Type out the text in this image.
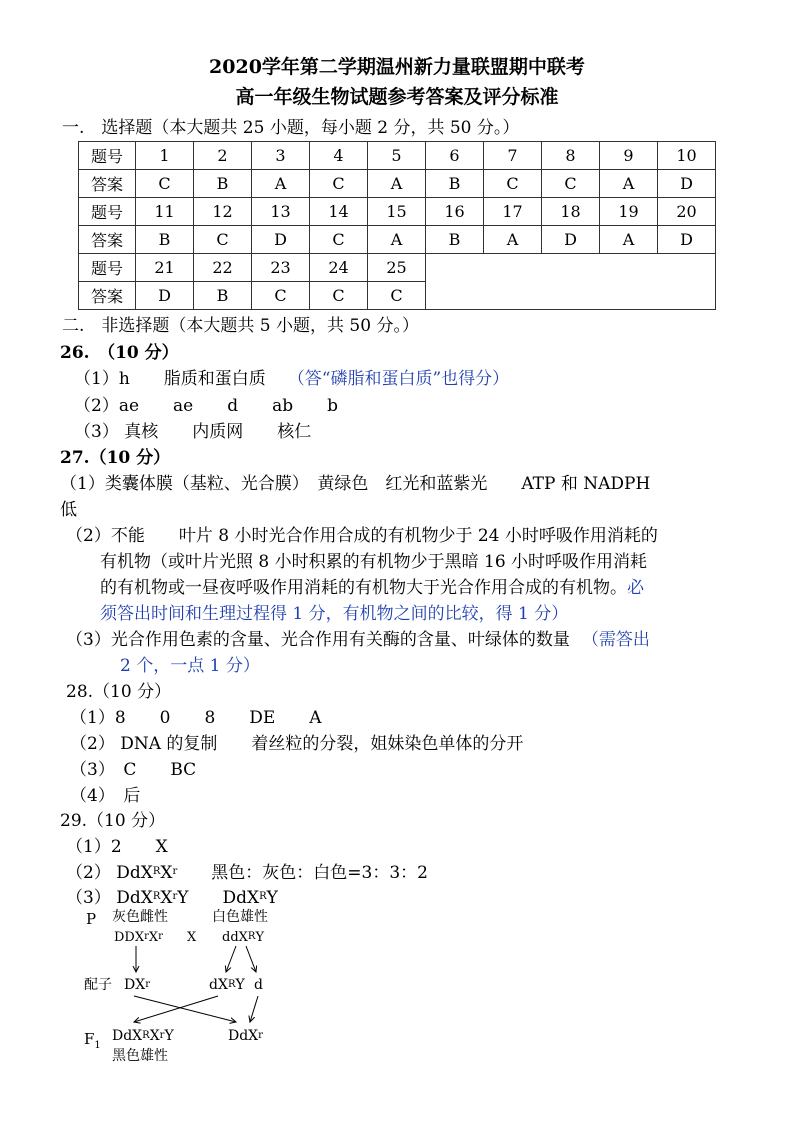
2020学年第二学期温州新力量联盟期中联考
高一年级生物试题参考答案及评分标准
一.　选择题（本大题共 25 小题，每小题 2 分，共 50 分。）
题号	1	2	3	4	5	6	7	8	9	10
答案	C	B	A	C	A	B	C	C	A	D
题号	11	12	13	14	15	16	17	18	19	20
答案	B	C	D	C	A	B	A	D	A	D
题号	21	22	23	24	25					
答案	D	B	C	C	C					
二.　非选择题（本大题共 5 小题，共 50 分。）
26.　（10 分）
（1）h　　脂质和蛋白质 （答“磷脂和蛋白质”也得分）
（2）ae　　ae　　d　　ab　　b
（3） 真核　　内质网　　核仁
27.（10 分）
（1）类囊体膜（基粒、光合膜）　黄绿色　红光和蓝紫光　　ATP 和 NADPH
低
（2）不能　　叶片 8 小时光合作用合成的有机物少于 24 小时呼吸作用消耗的
有机物（或叶片光照 8 小时积累的有机物少于黑暗 16 小时呼吸作用消耗
的有机物或一昼夜呼吸作用消耗的有机物大于光合作用合成的有机物。必
须答出时间和生理过程得 1 分，有机物之间的比较，得 1 分）
（3）光合作用色素的含量、光合作用有关酶的含量、叶绿体的数量 （需答出
2 个，一点 1 分）
28.（10 分）
（1）8　　0　　8　　DE　　A
（2） DNA 的复制　　着丝粒的分裂，姐妹染色单体的分开
（3）　C　　BC
（4）　后
29.（10 分）
（1）2　　X
（2） $DdX^RX^r$　　黑色：灰色：白色=3：3：2
（3） $DdX^RX^rY$　　DdX$^R$Y
P 灰色雌性	白色雄性
$DDX^rX^r$ X ddX$^R$Y
配子 $DX^r$	$dX^RY$ d
$F_1$
$DdX^RX^rY$
黑色雄性
DdX$^r$
